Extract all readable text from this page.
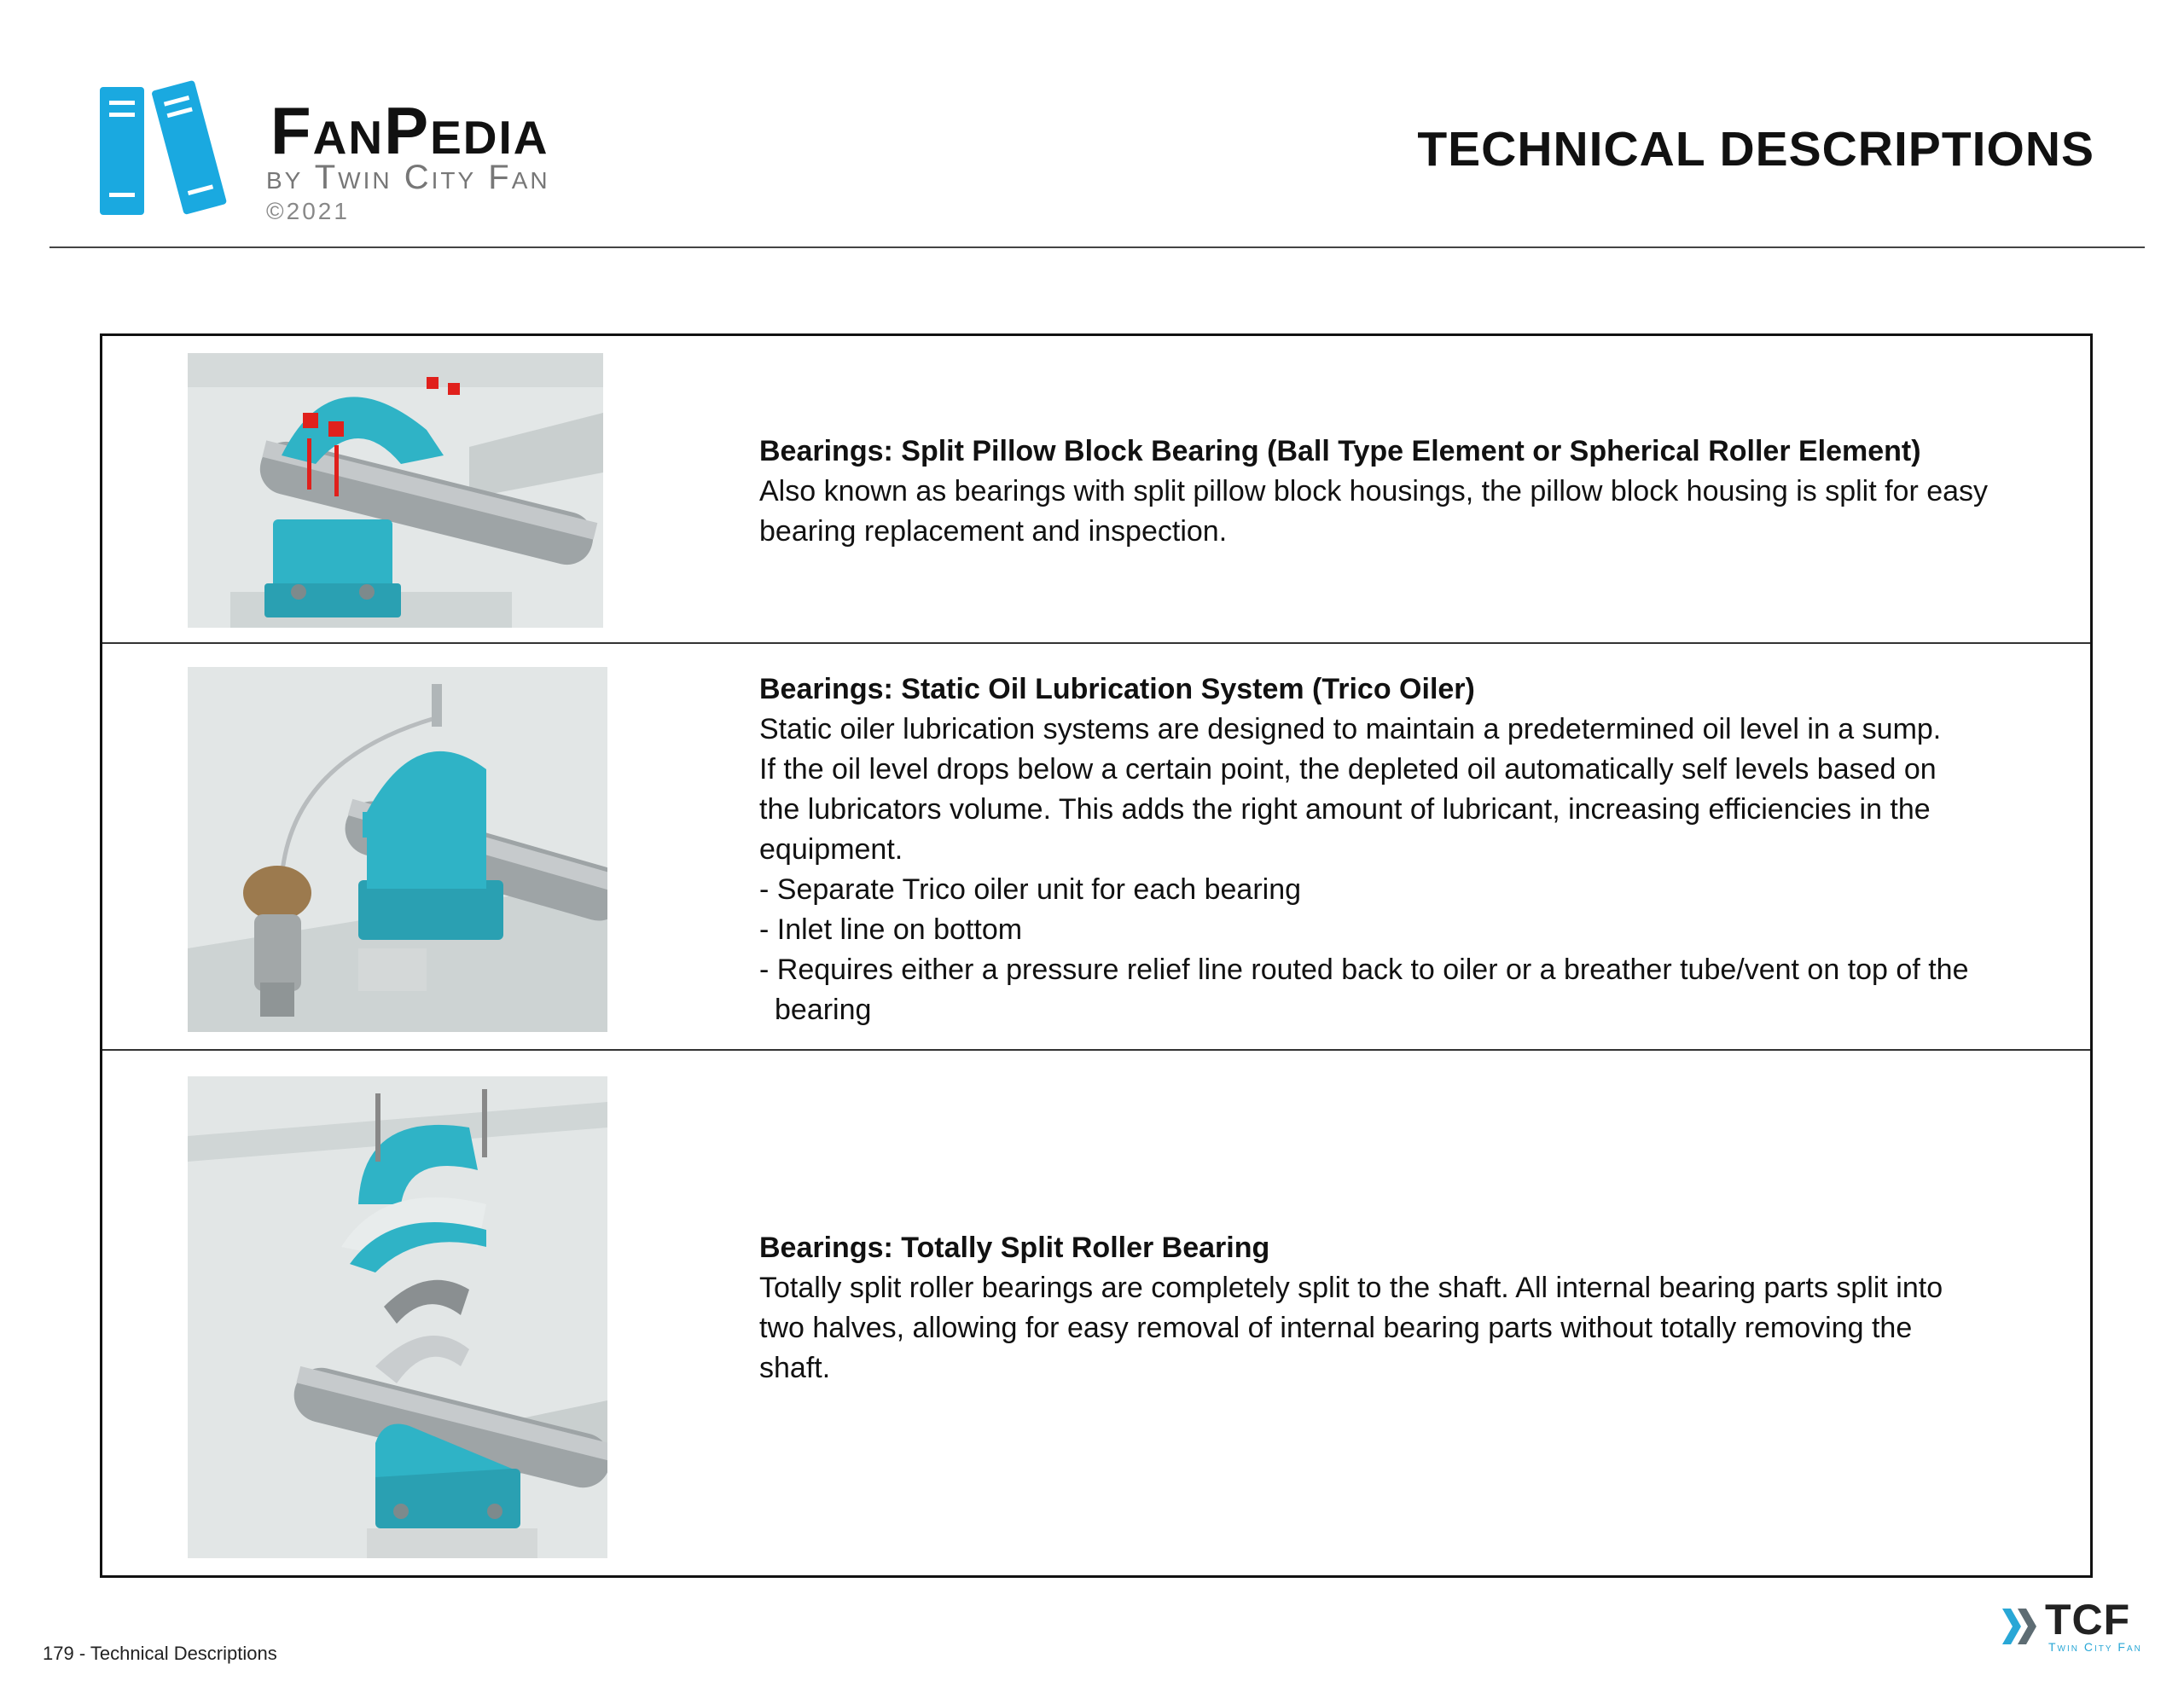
FanPedia
by Twin City Fan
©2021
TECHNICAL DESCRIPTIONS
Bearings: Split Pillow Block Bearing (Ball Type Element or Spherical Roller Element)
Also known as bearings with split pillow block housings, the pillow block housing is split for easy
bearing replacement and inspection.
Bearings: Static Oil Lubrication System (Trico Oiler)
Static oiler lubrication systems are designed to maintain a predetermined oil level in a sump.
If the oil level drops below a certain point, the depleted oil automatically self levels based on
the lubricators volume. This adds the right amount of lubricant, increasing efficiencies in the
equipment.
- Separate Trico oiler unit for each bearing
- Inlet line on bottom
- Requires either a pressure relief line routed back to oiler or a breather tube/vent on top of the bearing
Bearings: Totally Split Roller Bearing
Totally split roller bearings are completely split to the shaft. All internal bearing parts split into
two halves, allowing for easy removal of internal bearing parts without totally removing the
shaft.
179 - Technical Descriptions
TCF
Twin City Fan
